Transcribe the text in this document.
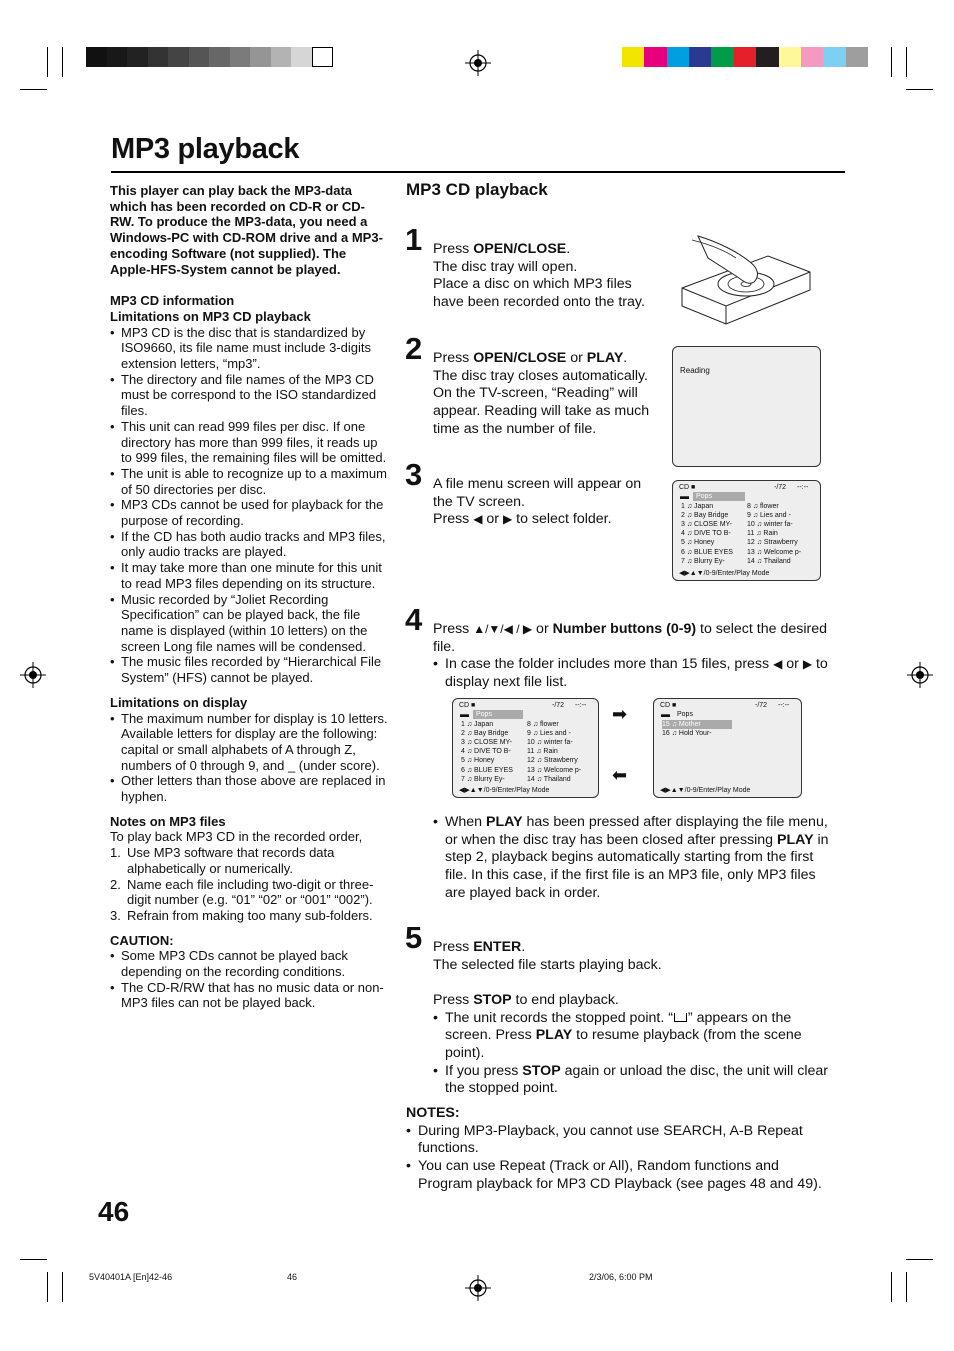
MP3 playback

This player can play back the MP3-data which has been recorded on CD-R or CD-RW. To produce the MP3-data, you need a Windows-PC with CD-ROM drive and a MP3-encoding Software (not supplied). The Apple-HFS-System cannot be played.

MP3 CD information

Limitations on MP3 CD playback

• MP3 CD is the disc that is standardized by ISO9660, its file name must include 3-digits extension letters, “mp3”.
• The directory and file names of the MP3 CD must be correspond to the ISO standardized files.
• This unit can read 999 files per disc. If one directory has more than 999 files, it reads up to 999 files, the remaining files will be omitted.
• The unit is able to recognize up to a maximum of 50 directories per disc.
• MP3 CDs cannot be used for playback for the purpose of recording.
• If the CD has both audio tracks and MP3 files, only audio tracks are played.
• It may take more than one minute for this unit to read MP3 files depending on its structure.
• Music recorded by “Joliet Recording Specification” can be played back, the file name is displayed (within 10 letters) on the screen Long file names will be condensed.
• The music files recorded by “Hierarchical File System” (HFS) cannot be played.

Limitations on display

• The maximum number for display is 10 letters. Available letters for display are the following: capital or small alphabets of A through Z, numbers of 0 through 9, and _ (under score).
• Other letters than those above are replaced in hyphen.

Notes on MP3 files

To play back MP3 CD in the recorded order,

1. Use MP3 software that records data alphabetically or numerically.
2. Name each file including two-digit or three-digit number (e.g. “01” “02” or “001” “002”).
3. Refrain from making too many sub-folders.

CAUTION:

• Some MP3 CDs cannot be played back depending on the recording conditions.
• The CD-R/RW that has no music data or non-MP3 files can not be played back.
MP3 CD playback
1 Press OPEN/CLOSE.

The disc tray will open.

Place a disc on which MP3 files have been recorded onto the tray.

2 Press OPEN/CLOSE or PLAY.

The disc tray closes automatically. On the TV-screen, “Reading” will appear. Reading will take as much time as the number of file.

Reading
3 A file menu screen will appear on the TV screen.

Press ◀ or ▶ to select folder.

CD ■	-/72 --:--
▬	Pops
1 ♫ Japan
2 ♫ Bay Bridge
3 ♫ CLOSE MY-
4 ♫ DIVE TO B-
5 ♫ Honey
6 ♫ BLUE EYES
7 ♫ Blurry Ey-
8 ♫ flower
9 ♫ Lies and -
10 ♫ winter fa-
11 ♫ Rain
12 ♫ Strawberry
13 ♫ Welcome p-
14 ♫ Thailand
◀▶▲▼/0-9/Enter/Play Mode
4 Press ▲/▼/◀ / ▶ or Number buttons (0-9) to select the desired file.

• In case the folder includes more than 15 files, press ◀ or ▶ to display next file list.
CD ■	-/72 --:--
▬	Pops
1 ♫ Japan
2 ♫ Bay Bridge
3 ♫ CLOSE MY-
4 ♫ DIVE TO B-
5 ♫ Honey
6 ♫ BLUE EYES
7 ♫ Blurry Ey-
8 ♫ flower
9 ♫ Lies and -
10 ♫ winter fa-
11 ♫ Rain
12 ♫ Strawberry
13 ♫ Welcome p-
14 ♫ Thailand
◀▶▲▼/0-9/Enter/Play Mode
➡
⬅
CD ■	-/72 --:--
▬	Pops
15 ♫ Mother
16 ♫ Hold Your-
◀▶▲▼/0-9/Enter/Play Mode
• When PLAY has been pressed after displaying the file menu, or when the disc tray has been closed after pressing PLAY in step 2, playback begins automatically starting from the first file. In this case, if the first file is an MP3 file, only MP3 files are played back in order.
5 Press ENTER.

The selected file starts playing back.

Press STOP to end playback.

• The unit records the stopped point. “ ” appears on the screen. Press PLAY to resume playback (from the scene point).
• If you press STOP again or unload the disc, the unit will clear the stopped point.

NOTES:

• During MP3-Playback, you cannot use SEARCH, A-B Repeat functions.
• You can use Repeat (Track or All), Random functions and Program playback for MP3 CD Playback (see pages 48 and 49).
46
5V40401A [En]42-46	46	2/3/06, 6:00 PM
